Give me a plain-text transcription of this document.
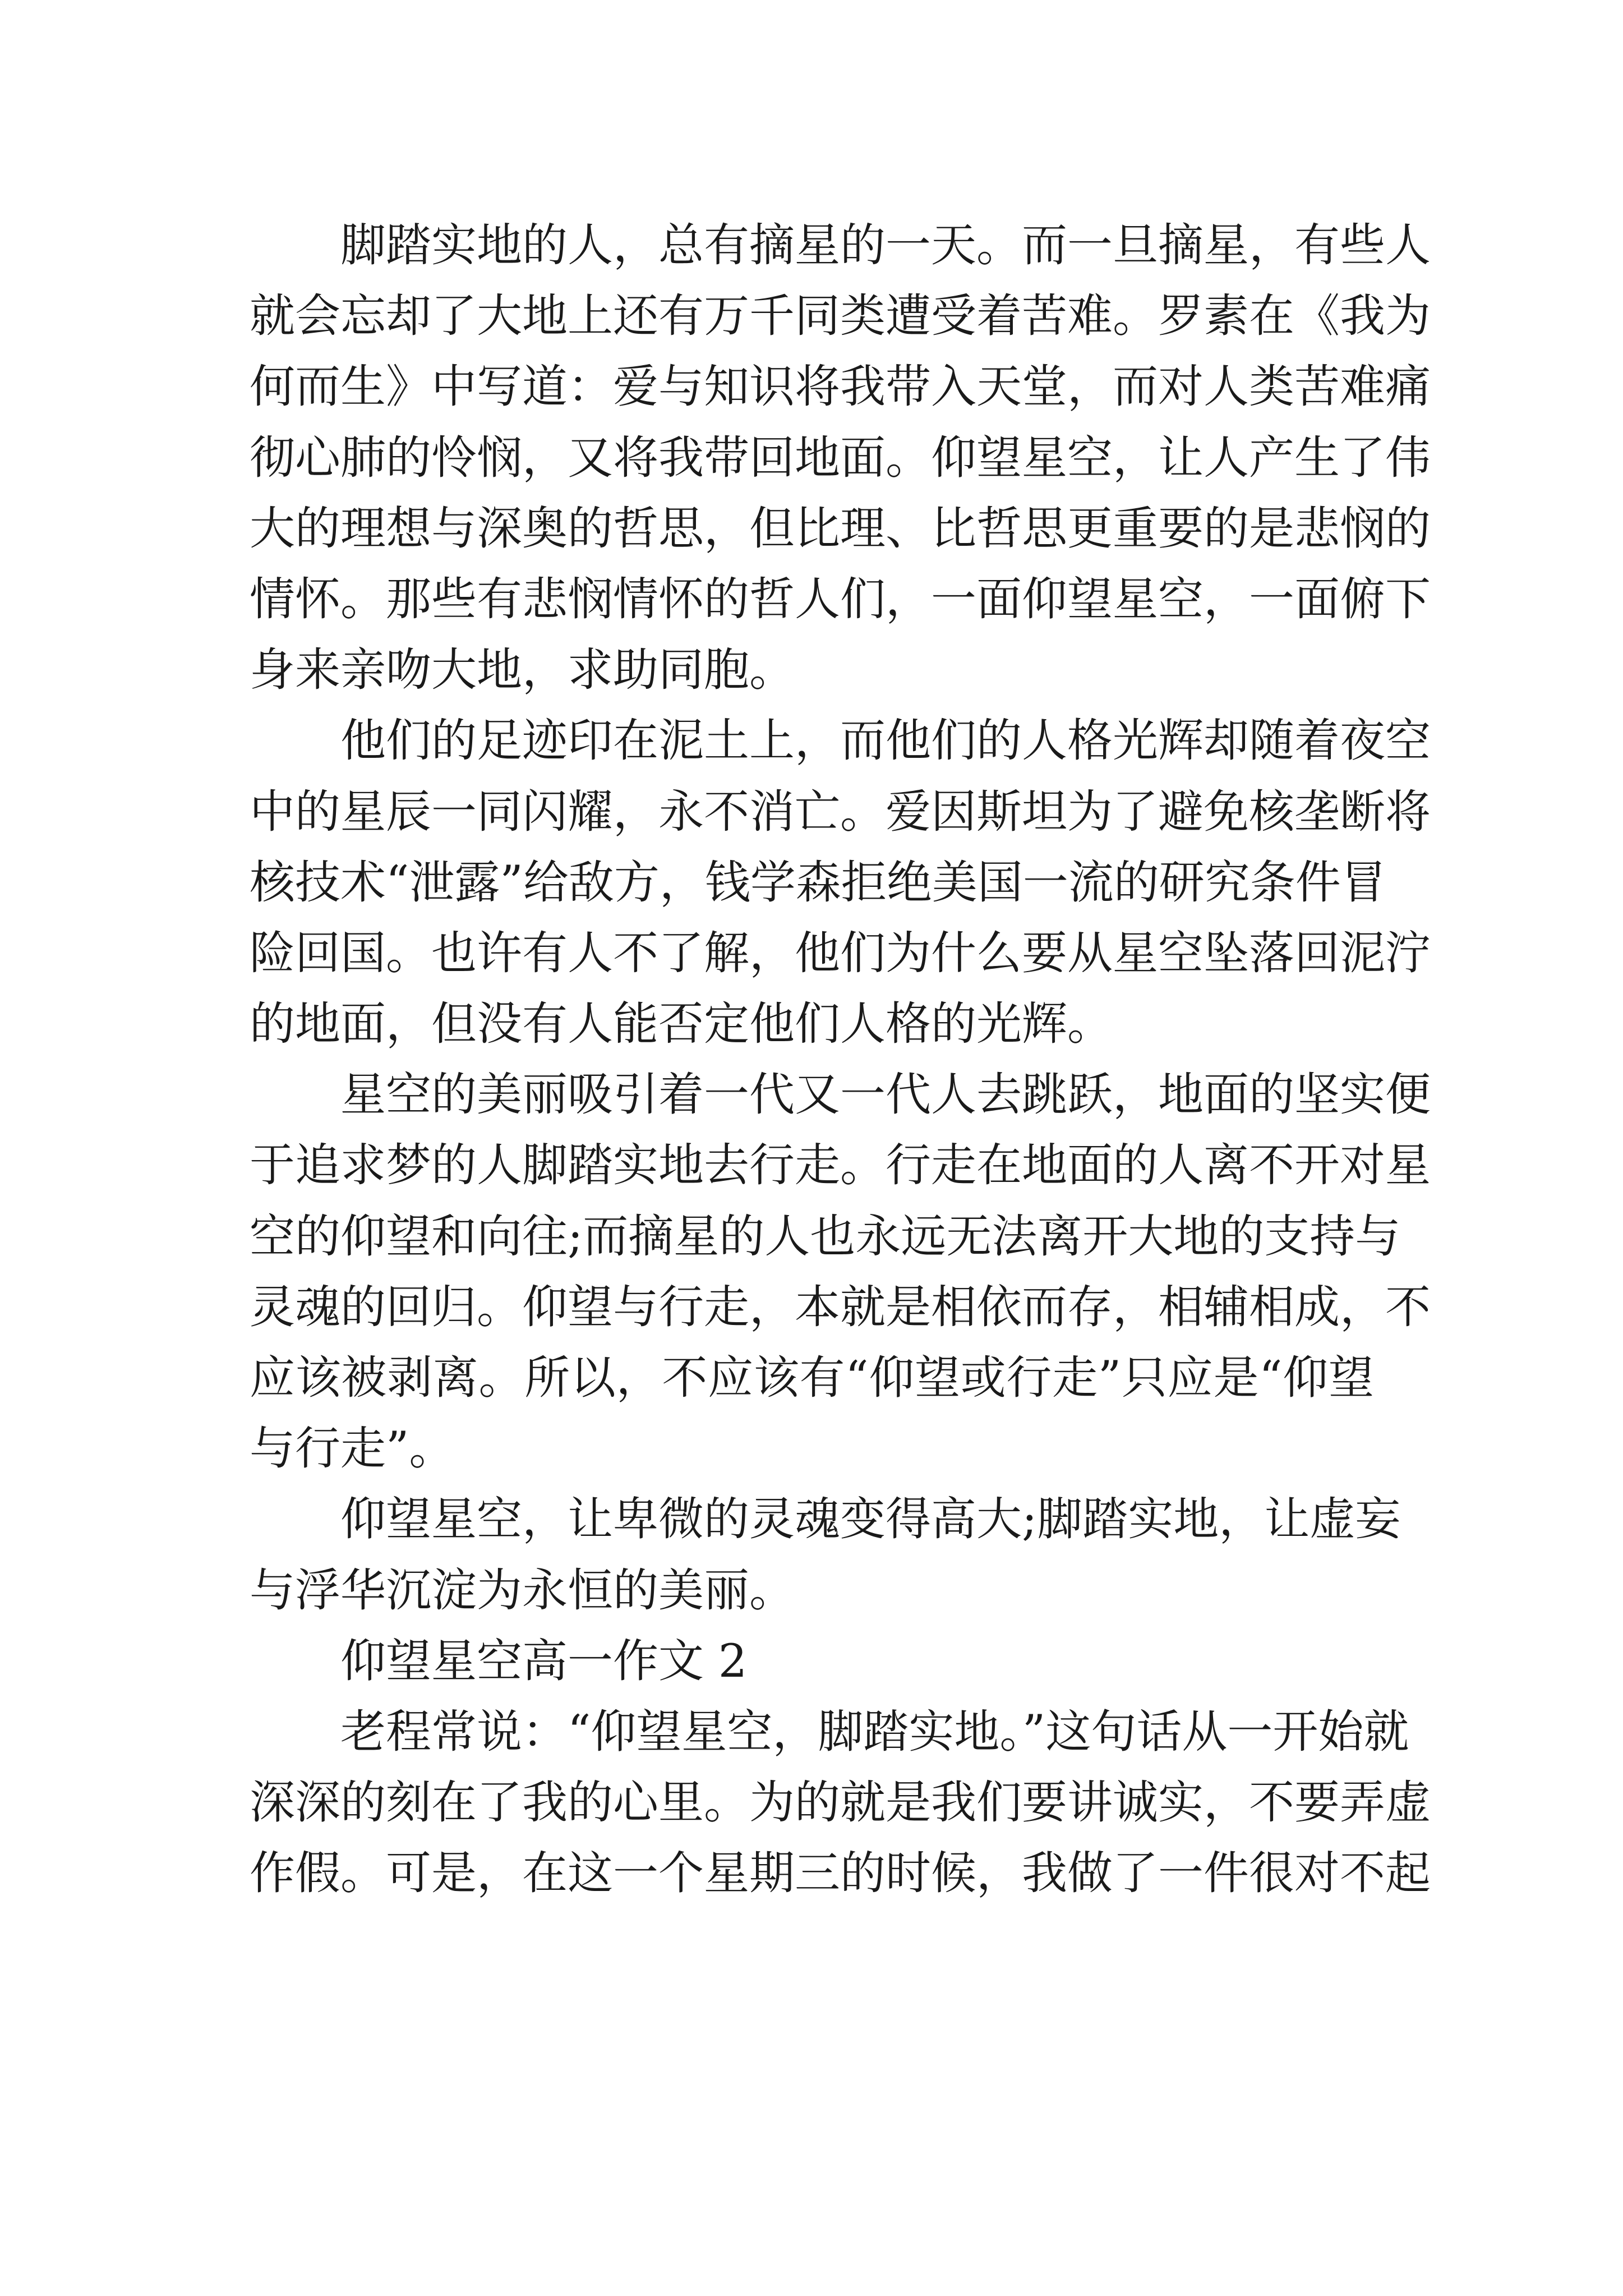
脚踏实地的人，总有摘星的一天。而一旦摘星，有些人
就会忘却了大地上还有万千同类遭受着苦难。罗素在《我为
何而生》中写道：爱与知识将我带入天堂，而对人类苦难痛
彻心肺的怜悯，又将我带回地面。仰望星空，让人产生了伟
大的理想与深奥的哲思，但比理、比哲思更重要的是悲悯的
情怀。那些有悲悯情怀的哲人们，一面仰望星空，一面俯下
身来亲吻大地，求助同胞。
他们的足迹印在泥土上，而他们的人格光辉却随着夜空
中的星辰一同闪耀，永不消亡。爱因斯坦为了避免核垄断将
核技术“泄露”给敌方，钱学森拒绝美国一流的研究条件冒
险回国。也许有人不了解，他们为什么要从星空坠落回泥泞
的地面，但没有人能否定他们人格的光辉。
星空的美丽吸引着一代又一代人去跳跃，地面的坚实便
于追求梦的人脚踏实地去行走。行走在地面的人离不开对星
空的仰望和向往;而摘星的人也永远无法离开大地的支持与
灵魂的回归。仰望与行走，本就是相依而存，相辅相成，不
应该被剥离。所以，不应该有“仰望或行走”只应是“仰望
与行走”。
仰望星空，让卑微的灵魂变得高大;脚踏实地，让虚妄
与浮华沉淀为永恒的美丽。
仰望星空高一作文 2
老程常说：“仰望星空，脚踏实地。”这句话从一开始就
深深的刻在了我的心里。为的就是我们要讲诚实，不要弄虚
作假。可是，在这一个星期三的时候，我做了一件很对不起
